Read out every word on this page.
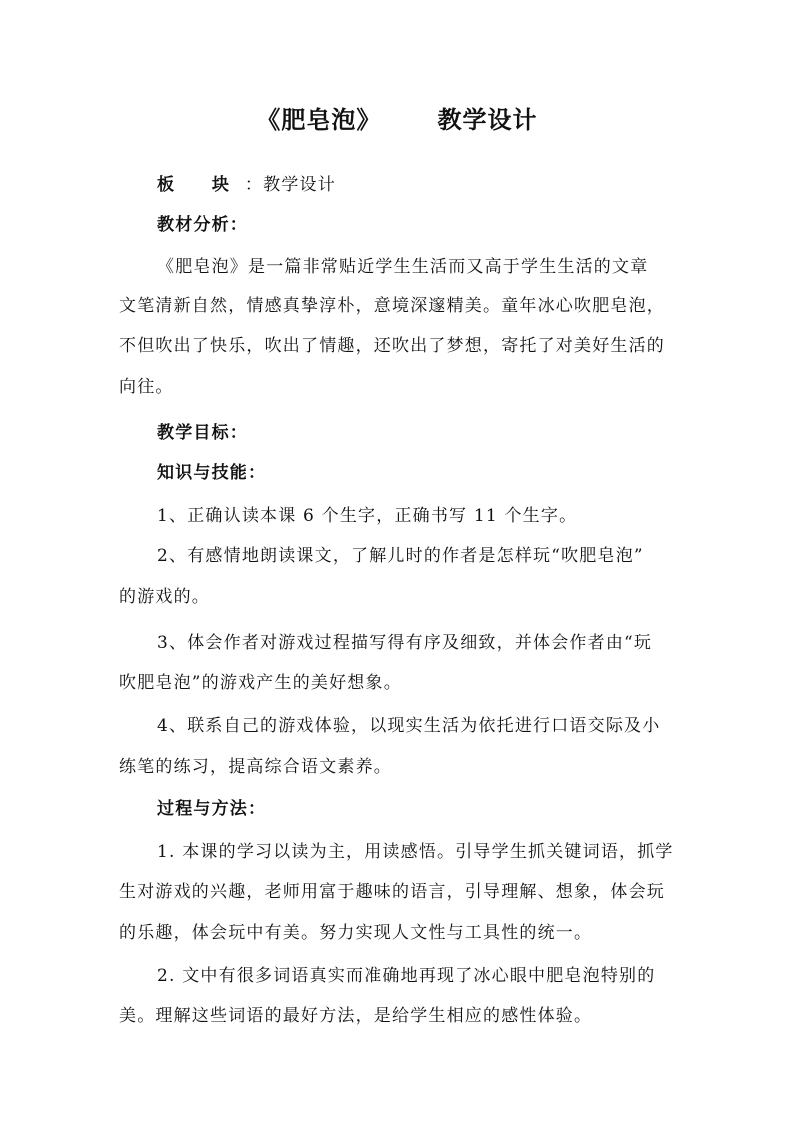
《肥皂泡》      教学设计
板 块：教学设计
教材分析：
《肥皂泡》是一篇非常贴近学生生活而又高于学生生活的文章
文笔清新自然，情感真挚淳朴，意境深邃精美。童年冰心吹肥皂泡，
不但吹出了快乐，吹出了情趣，还吹出了梦想，寄托了对美好生活的
向往。
教学目标：
知识与技能：
1、正确认读本课 6 个生字，正确书写 11 个生字。
2、有感情地朗读课文，了解儿时的作者是怎样玩“吹肥皂泡”
的游戏的。
3、体会作者对游戏过程描写得有序及细致，并体会作者由“玩
吹肥皂泡”的游戏产生的美好想象。
4、联系自己的游戏体验，以现实生活为依托进行口语交际及小
练笔的练习，提高综合语文素养。
过程与方法：
1. 本课的学习以读为主，用读感悟。引导学生抓关键词语，抓学
生对游戏的兴趣，老师用富于趣味的语言，引导理解、想象，体会玩
的乐趣，体会玩中有美。努力实现人文性与工具性的统一。
2. 文中有很多词语真实而准确地再现了冰心眼中肥皂泡特别的
美。理解这些词语的最好方法，是给学生相应的感性体验。
